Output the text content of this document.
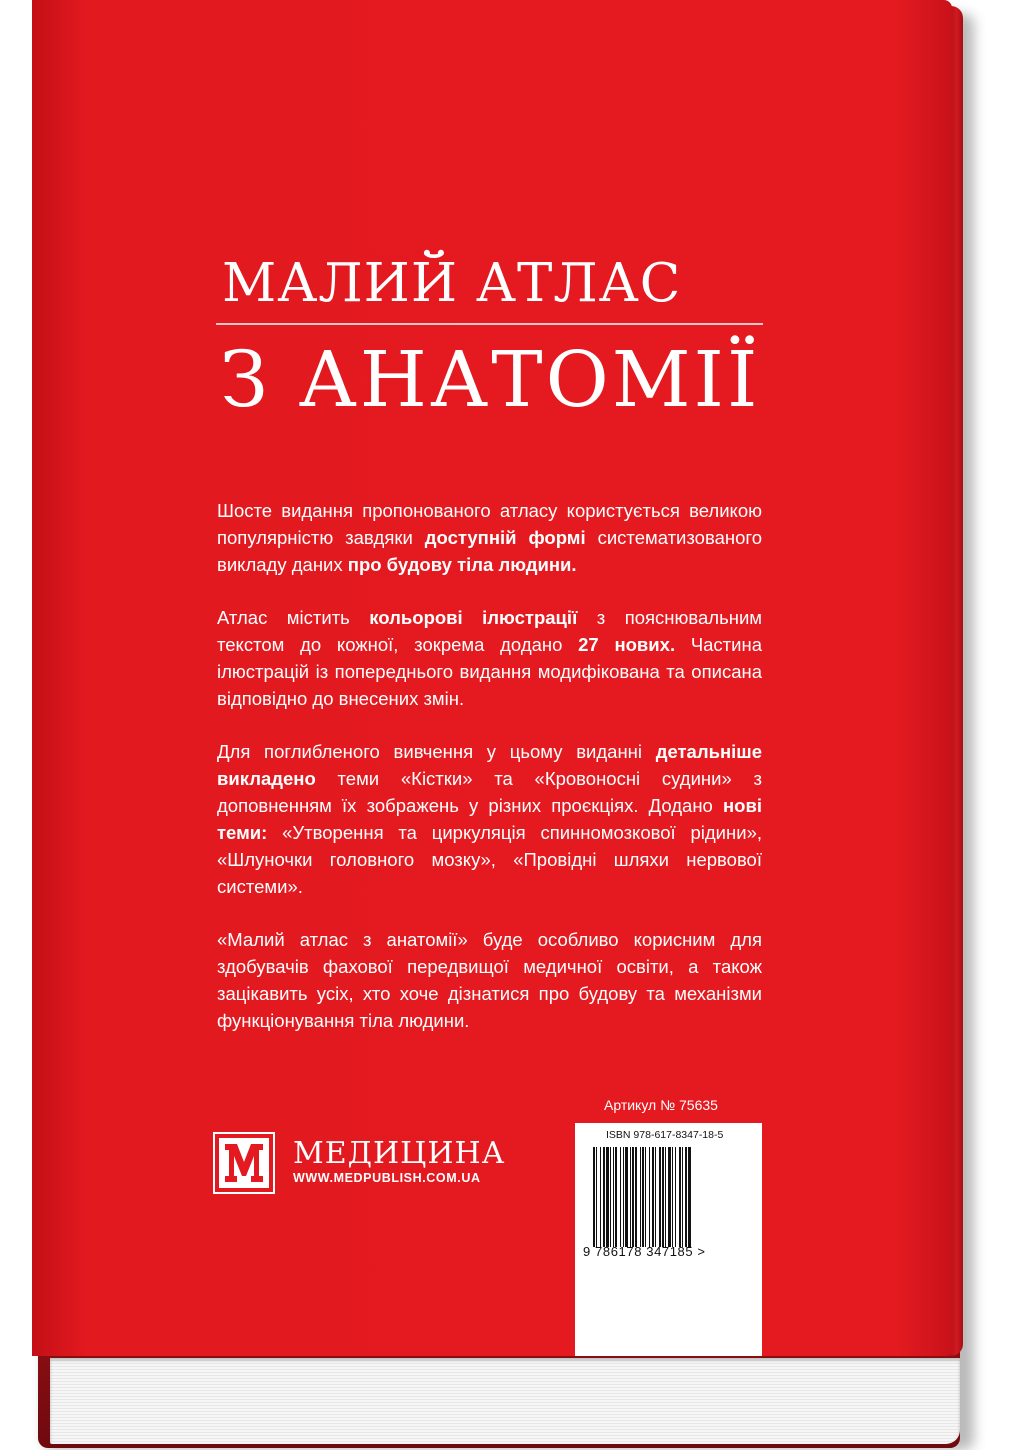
МАЛИЙ АТЛАС
З АНАТОМІЇ

Шосте видання пропонованого атласу користується великою популярністю завдяки доступній формі систематизованого викладу даних про будову тіла людини.

Атлас містить кольорові ілюстрації з пояснювальним текстом до кожної, зокрема додано 27 нових. Частина ілюстрацій із попереднього видання модифікована та описана відповідно до внесених змін.

Для поглибленого вивчення у цьому виданні детальніше викладено теми «Кістки» та «Кровоносні судини» з доповненням їх зображень у різних проєкціях. Додано нові теми: «Утворення та циркуляція спинномозкової рідини», «Шлуночки головного мозку», «Провідні шляхи нервової системи».

«Малий атлас з анатомії» буде особливо корисним для здобувачів фахової передвищої медичної освіти, а також зацікавить усіх, хто хоче дізнатися про будову та механізми функціонування тіла людини.

МЕДИЦИНА
WWW.MEDPUBLISH.COM.UA
Артикул № 75635
ISBN 978-617-8347-18-5
9 786178 347185 >
